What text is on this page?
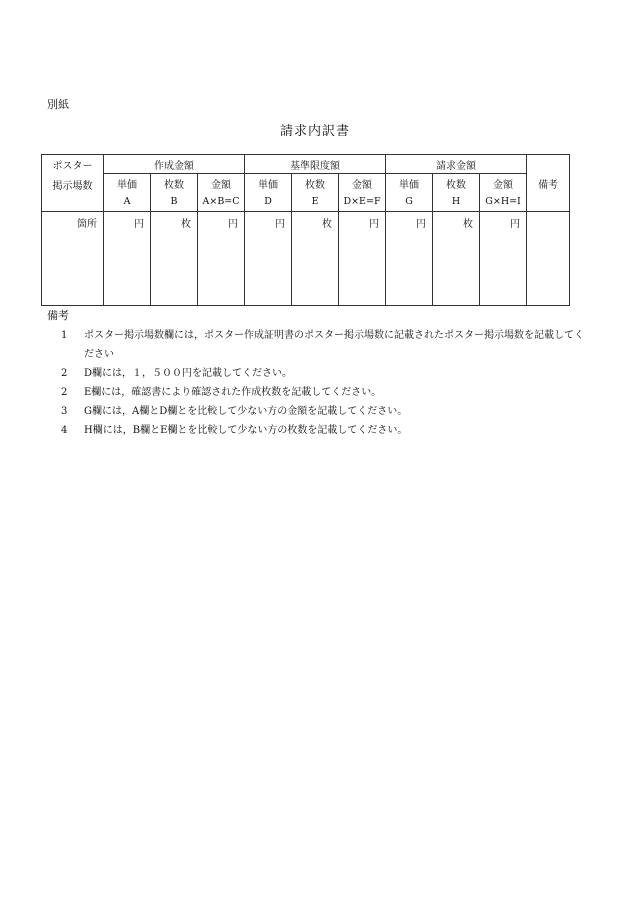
別紙
請求内訳書
ポスター	作成金額			基準限度額			請求金額			備考
掲示場数	単価	枚数	金額	単価	枚数	金額	単価	枚数	金額	
	A	B	A×B=C	D	E	D×E=F	G	H	G×H=I	
箇所	円	枚	円	円	枚	円	円	枚	円	
備考
1 ポスター掲示場数欄には，ポスター作成証明書のポスター掲示場数に記載されたポスター掲示場数を記載してください
2 D欄には，１，５００円を記載してください。
2 E欄には，確認書により確認された作成枚数を記載してください。
3 G欄には，A欄とD欄とを比較して少ない方の金額を記載してください。
4 H欄には，B欄とE欄とを比較して少ない方の枚数を記載してください。
